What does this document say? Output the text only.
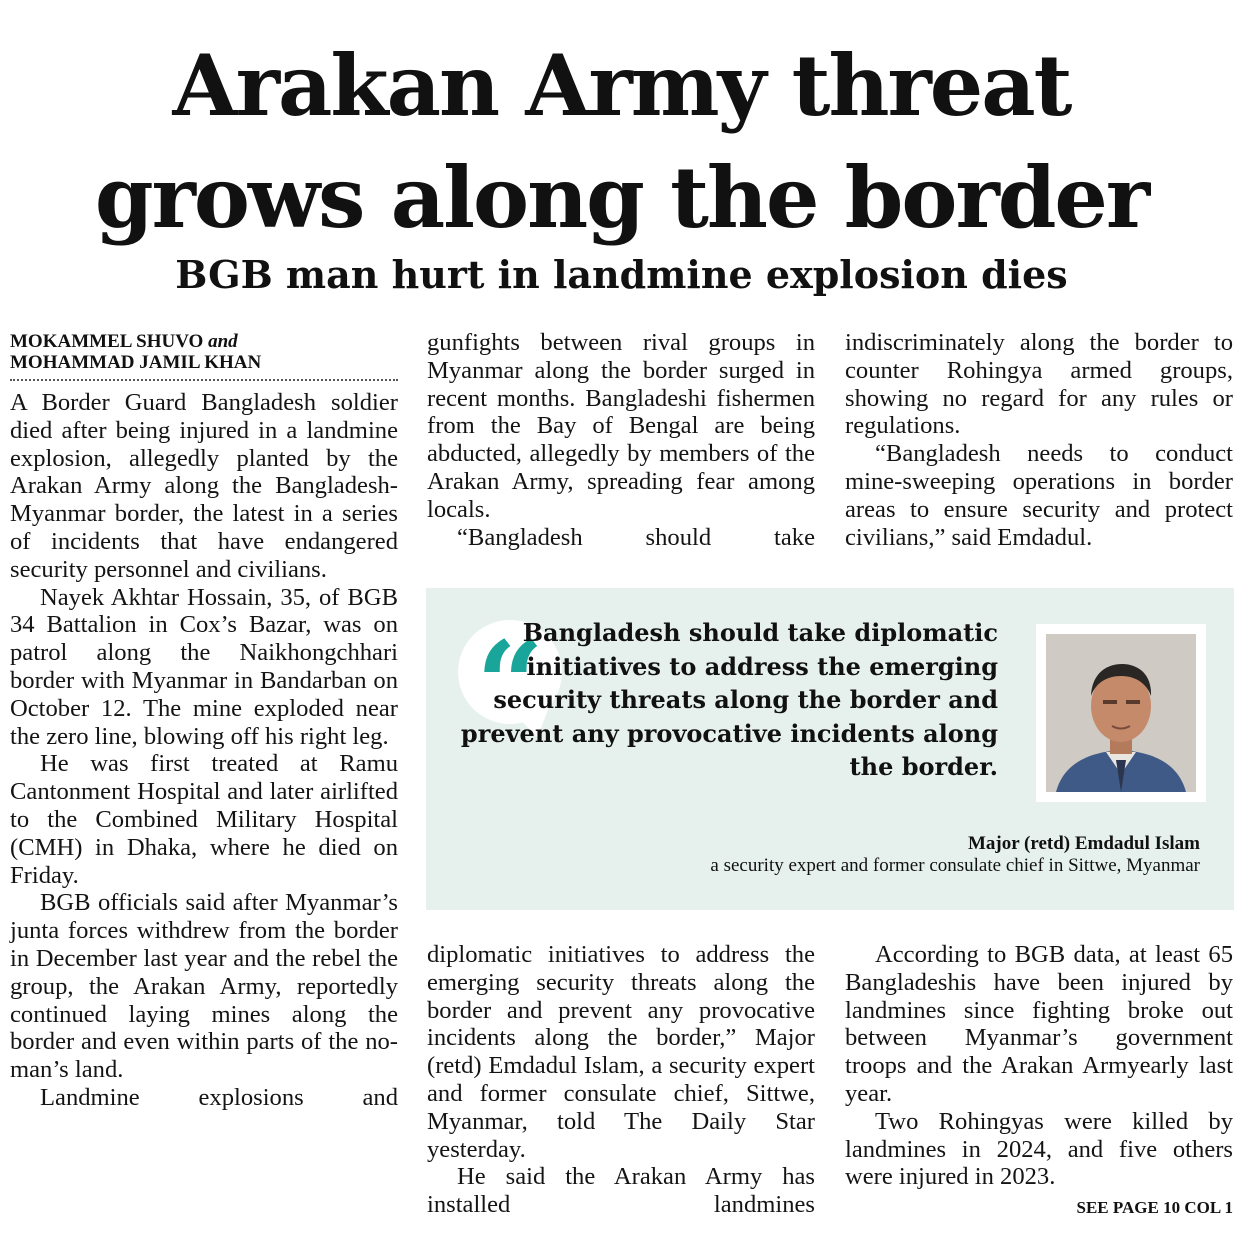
Arakan Army threat
grows along the border
BGB man hurt in landmine explosion dies
MOKAMMEL SHUVO and
MOHAMMAD JAMIL KHAN

A Border Guard Bangladesh soldier died after being injured in a landmine explosion, allegedly planted by the Arakan Army along the Bangladesh-Myanmar border, the latest in a series of incidents that have endangered security personnel and civilians.

Nayek Akhtar Hossain, 35, of BGB 34 Battalion in Cox’s Bazar, was on patrol along the Naikhongchhari border with Myanmar in Bandarban on October 12. The mine exploded near the zero line, blowing off his right leg.

He was first treated at Ramu Cantonment Hospital and later airlifted to the Combined Military Hospital (CMH) in Dhaka, where he died on Friday.

BGB officials said after Myanmar’s junta forces withdrew from the border in December last year and the rebel the group, the Arakan Army, reportedly continued laying mines along the border and even within parts of the no-man’s land.

Landmine explosions and

gunfights between rival groups in Myanmar along the border surged in recent months. Bangladeshi fishermen from the Bay of Bengal are being abducted, allegedly by members of the Arakan Army, spreading fear among locals.

“Bangladesh should take

indiscriminately along the border to counter Rohingya armed groups, showing no regard for any rules or regulations.

“Bangladesh needs to conduct mine-sweeping operations in border areas to ensure security and protect civilians,” said Emdadul.

“

Bangladesh should take diplomatic initiatives to address the emerging security threats along the border and prevent any provocative incidents along the border.

Major (retd) Emdadul Islam

a security expert and former consulate chief in Sittwe, Myanmar

diplomatic initiatives to address the emerging security threats along the border and prevent any provocative incidents along the border,” Major (retd) Emdadul Islam, a security expert and former consulate chief, Sittwe, Myanmar, told The Daily Star yesterday.

He said the Arakan Army has installed landmines

According to BGB data, at least 65 Bangladeshis have been injured by landmines since fighting broke out between Myanmar’s government troops and the Arakan Armyearly last year.

Two Rohingyas were killed by landmines in 2024, and five others were injured in 2023.

SEE PAGE 10 COL 1
